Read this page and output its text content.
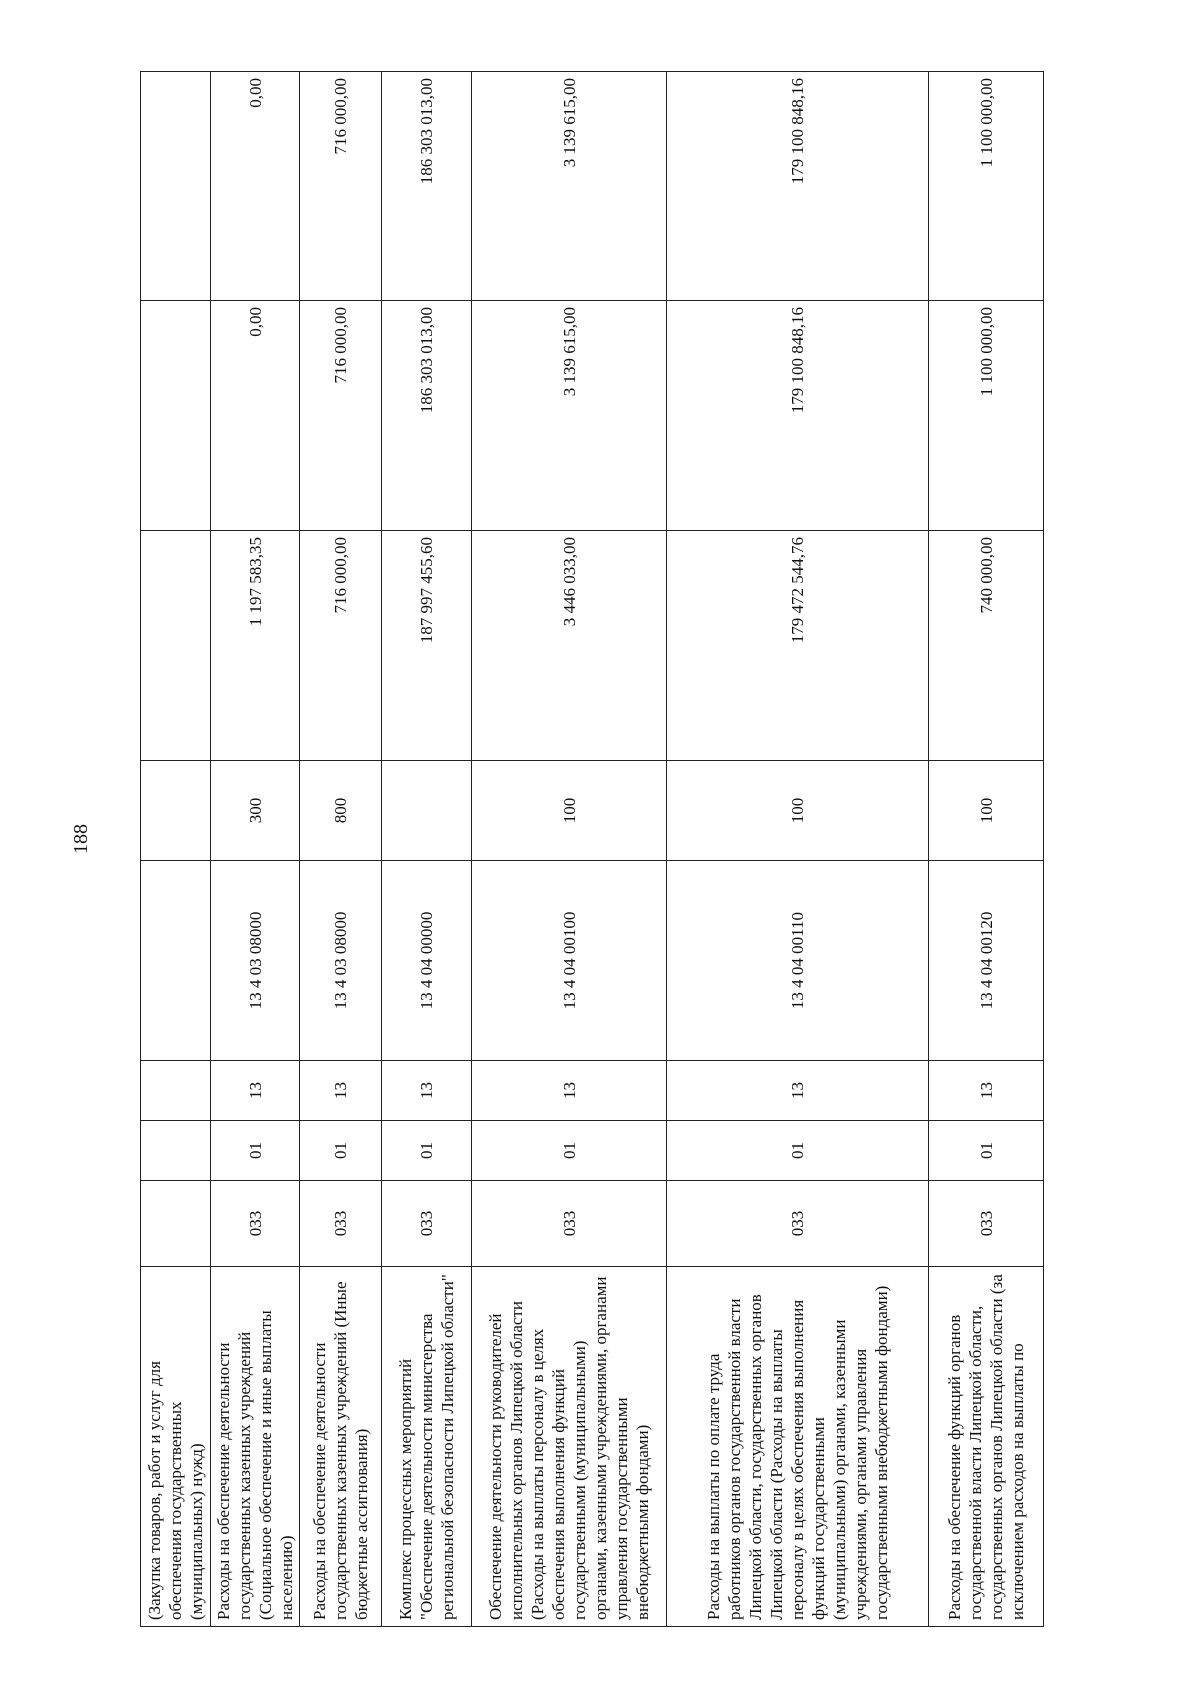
188
(Закупка товаров, работ и услуг для обеспечения государственных (муниципальных) нужд)								
Расходы на обеспечение деятельности государственных казенных учреждений (Социальное обеспечение и иные выплаты населению)	033	01	13	13 4 03 08000	300	1 197 583,35	0,00	0,00
Расходы на обеспечение деятельности государственных казенных учреждений (Иные бюджетные ассигнования)	033	01	13	13 4 03 08000	800	716 000,00	716 000,00	716 000,00
Комплекс процессных мероприятий "Обеспечение деятельности министерства региональной безопасности Липецкой области"	033	01	13	13 4 04 00000		187 997 455,60	186 303 013,00	186 303 013,00
Обеспечение деятельности руководителей исполнительных органов Липецкой области (Расходы на выплаты персоналу в целях обеспечения выполнения функций государственными (муниципальными) органами, казенными учреждениями, органами управления государственными внебюджетными фондами)	033	01	13	13 4 04 00100	100	3 446 033,00	3 139 615,00	3 139 615,00
Расходы на выплаты по оплате труда работников органов государственной власти Липецкой области, государственных органов Липецкой области (Расходы на выплаты персоналу в целях обеспечения выполнения функций государственными (муниципальными) органами, казенными учреждениями, органами управления государственными внебюджетными фондами)	033	01	13	13 4 04 00110	100	179 472 544,76	179 100 848,16	179 100 848,16
Расходы на обеспечение функций органов государственной власти Липецкой области, государственных органов Липецкой области (за исключением расходов на выплаты по	033	01	13	13 4 04 00120	100	740 000,00	1 100 000,00	1 100 000,00
